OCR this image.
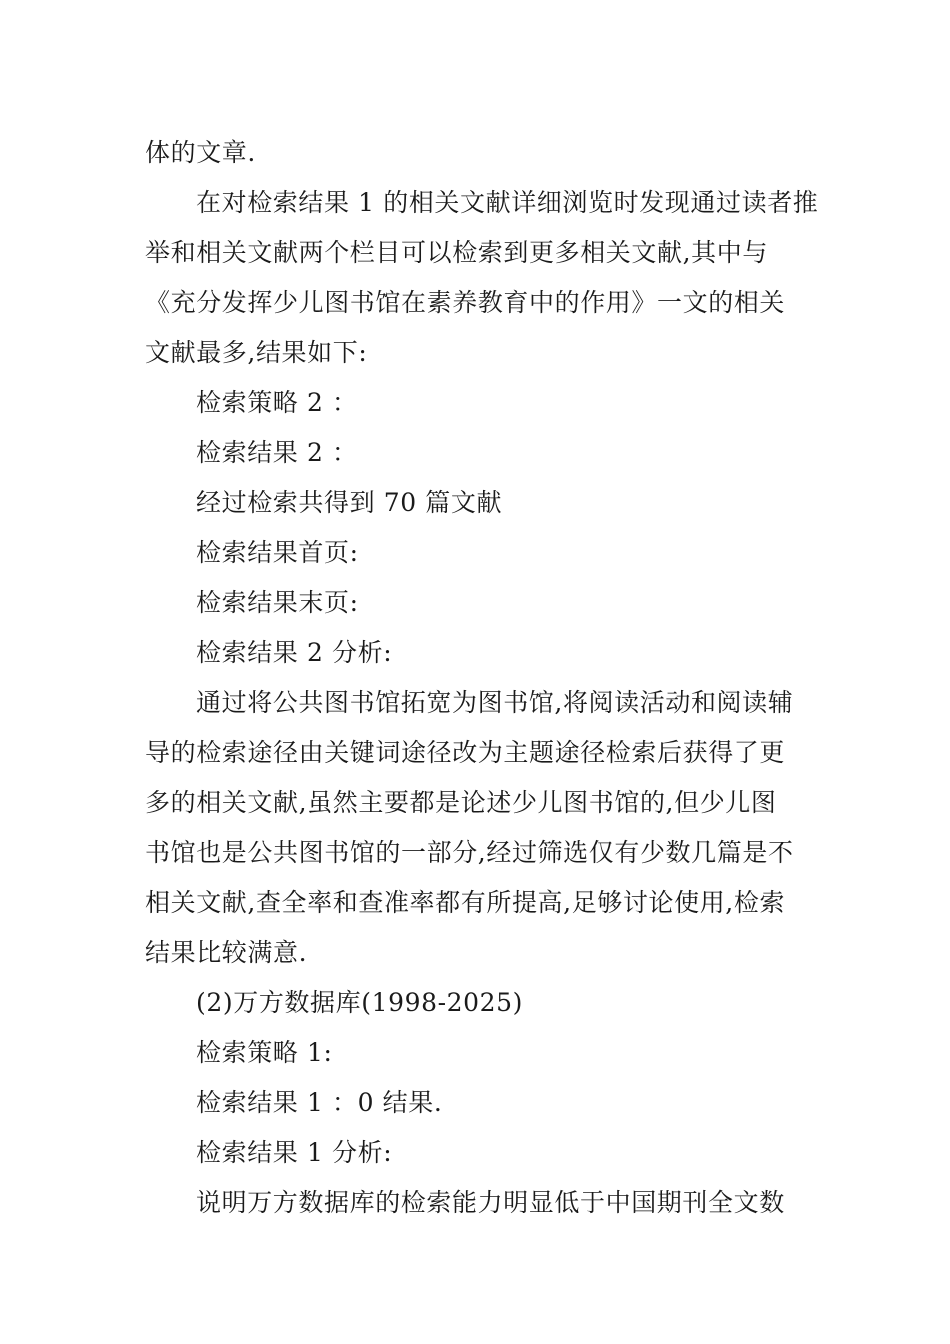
体的文章.
在对检索结果 1 的相关文献详细浏览时发现通过读者推
举和相关文献两个栏目可以检索到更多相关文献,其中与
《充分发挥少儿图书馆在素养教育中的作用》一文的相关
文献最多,结果如下:
检索策略 2 ：
检索结果 2 ：
经过检索共得到 70 篇文献
检索结果首页:
检索结果末页:
检索结果 2 分析:
通过将公共图书馆拓宽为图书馆,将阅读活动和阅读辅
导的检索途径由关键词途径改为主题途径检索后获得了更
多的相关文献,虽然主要都是论述少儿图书馆的,但少儿图
书馆也是公共图书馆的一部分,经过筛选仅有少数几篇是不
相关文献,查全率和查准率都有所提高,足够讨论使用,检索
结果比较满意.
(2)万方数据库(1998-2025)
检索策略 1:
检索结果 1 ：0 结果.
检索结果 1 分析:
说明万方数据库的检索能力明显低于中国期刊全文数
